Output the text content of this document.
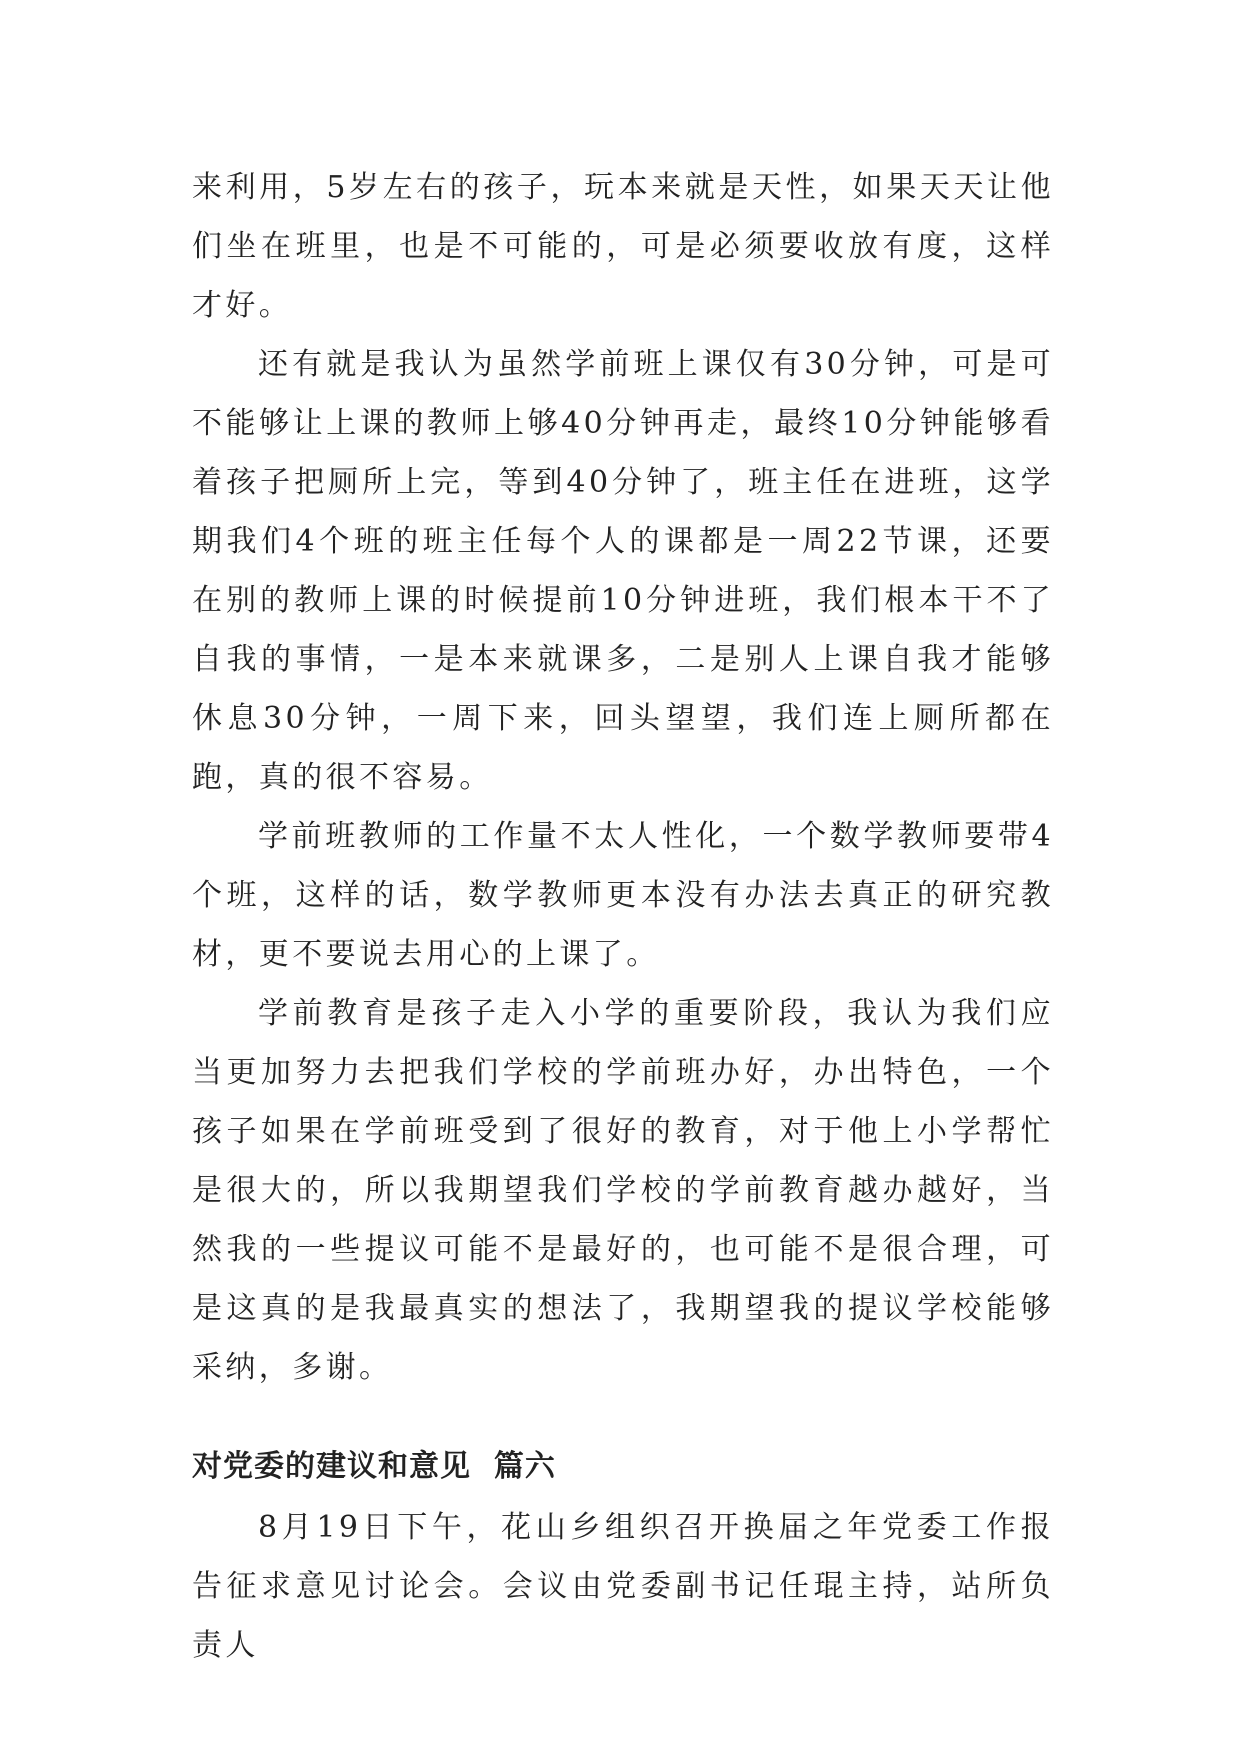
来利用，5岁左右的孩子，玩本来就是天性，如果天天让他们坐在班里，也是不可能的，可是必须要收放有度，这样才好。

还有就是我认为虽然学前班上课仅有30分钟，可是可不能够让上课的教师上够40分钟再走，最终10分钟能够看着孩子把厕所上完，等到40分钟了，班主任在进班，这学期我们4个班的班主任每个人的课都是一周22节课，还要在别的教师上课的时候提前10分钟进班，我们根本干不了自我的事情，一是本来就课多，二是别人上课自我才能够休息30分钟，一周下来，回头望望，我们连上厕所都在跑，真的很不容易。

学前班教师的工作量不太人性化，一个数学教师要带4个班，这样的话，数学教师更本没有办法去真正的研究教材，更不要说去用心的上课了。

学前教育是孩子走入小学的重要阶段，我认为我们应当更加努力去把我们学校的学前班办好，办出特色，一个孩子如果在学前班受到了很好的教育，对于他上小学帮忙是很大的，所以我期望我们学校的学前教育越办越好，当然我的一些提议可能不是最好的，也可能不是很合理，可是这真的是我最真实的想法了，我期望我的提议学校能够采纳，多谢。

对党委的建议和意见  篇六

8月19日下午，花山乡组织召开换届之年党委工作报告征求意见讨论会。会议由党委副书记任琨主持，站所负责人
